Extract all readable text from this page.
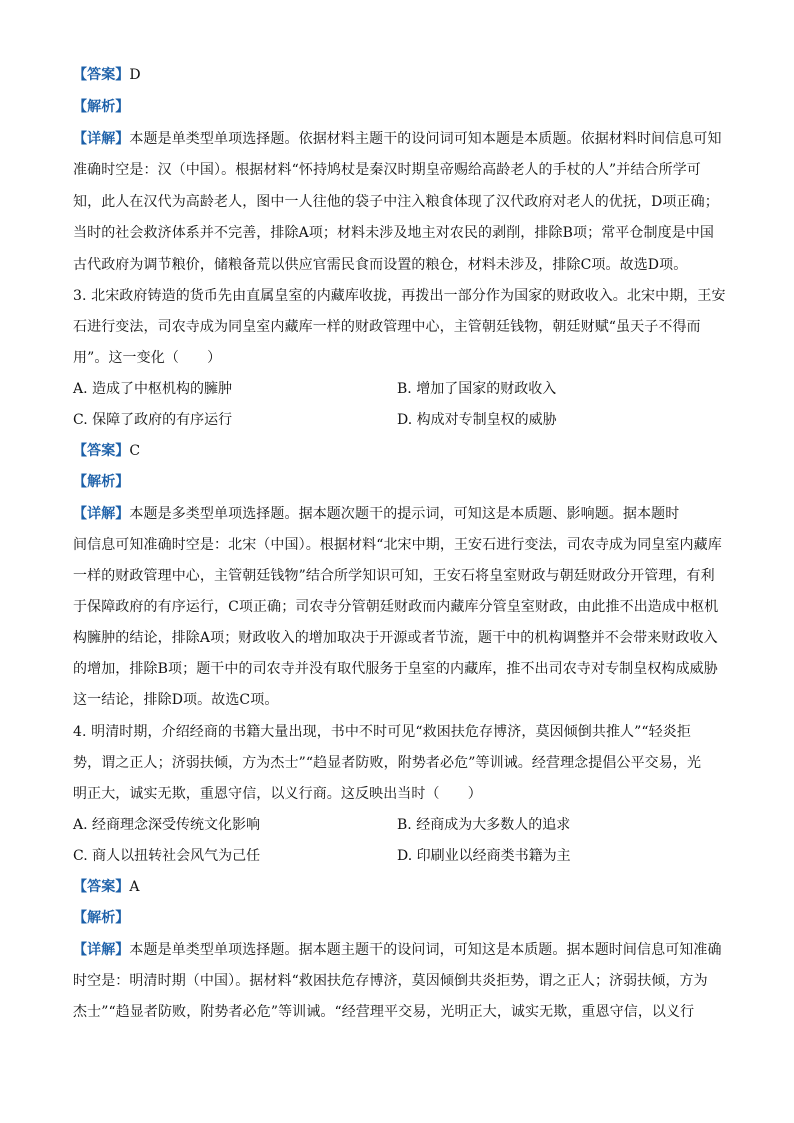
【答案】D
【解析】
【详解】本题是单类型单项选择题。依据材料主题干的设问词可知本题是本质题。依据材料时间信息可知
准确时空是：汉（中国）。根据材料“怀持鸠杖是秦汉时期皇帝赐给高龄老人的手杖的人”并结合所学可
知，此人在汉代为高龄老人，图中一人往他的袋子中注入粮食体现了汉代政府对老人的优抚，D项正确；
当时的社会救济体系并不完善，排除A项；材料未涉及地主对农民的剥削，排除B项；常平仓制度是中国
古代政府为调节粮价，储粮备荒以供应官需民食而设置的粮仓，材料未涉及，排除C项。故选D项。
3. 北宋政府铸造的货币先由直属皇室的内藏库收拢，再拨出一部分作为国家的财政收入。北宋中期，王安
石进行变法，司农寺成为同皇室内藏库一样的财政管理中心，主管朝廷钱物，朝廷财赋“虽天子不得而
用”。这一变化（　　）
A. 造成了中枢机构的臃肿	B. 增加了国家的财政收入
C. 保障了政府的有序运行	D. 构成对专制皇权的威胁
【答案】C
【解析】
【详解】本题是多类型单项选择题。据本题次题干的提示词，可知这是本质题、影响题。据本题时
间信息可知准确时空是：北宋（中国）。根据材料“北宋中期，王安石进行变法，司农寺成为同皇室内藏库
一样的财政管理中心，主管朝廷钱物”结合所学知识可知，王安石将皇室财政与朝廷财政分开管理，有利
于保障政府的有序运行，C项正确；司农寺分管朝廷财政而内藏库分管皇室财政，由此推不出造成中枢机
构臃肿的结论，排除A项；财政收入的增加取决于开源或者节流，题干中的机构调整并不会带来财政收入
的增加，排除B项；题干中的司农寺并没有取代服务于皇室的内藏库，推不出司农寺对专制皇权构成威胁
这一结论，排除D项。故选C项。
4. 明清时期，介绍经商的书籍大量出现，书中不时可见“救困扶危存博济，莫因倾倒共推人”“轻炎拒
势，谓之正人；济弱扶倾，方为杰士”“趋显者防败，附势者必危”等训诫。经营理念提倡公平交易，光
明正大，诚实无欺，重恩守信，以义行商。这反映出当时（　　）
A. 经商理念深受传统文化影响	B. 经商成为大多数人的追求
C. 商人以扭转社会风气为己任	D. 印刷业以经商类书籍为主
【答案】A
【解析】
【详解】本题是单类型单项选择题。据本题主题干的设问词，可知这是本质题。据本题时间信息可知准确
时空是：明清时期（中国）。据材料“救困扶危存博济，莫因倾倒共炎拒势，谓之正人；济弱扶倾，方为
杰士”“趋显者防败，附势者必危”等训诫。“经营理平交易，光明正大，诚实无欺，重恩守信，以义行
